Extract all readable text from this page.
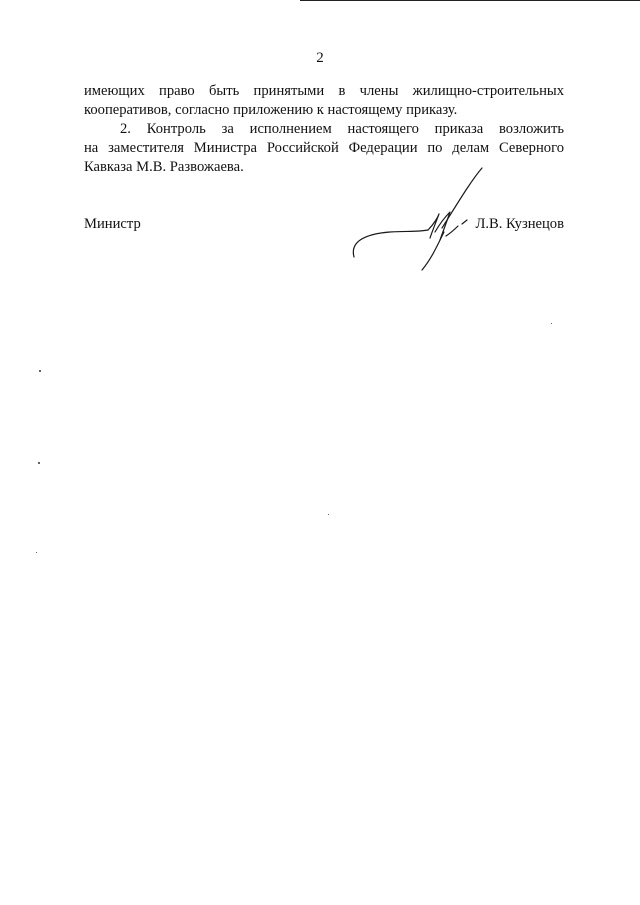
2

имеющих право быть принятыми в члены жилищно-строительных
кооперативов, согласно приложению к настоящему приказу.

2. Контроль за исполнением настоящего приказа возложить
на заместителя Министра Российской Федерации по делам Северного
Кавказа М.В. Развожаева.

Министр	Л.В. Кузнецов
